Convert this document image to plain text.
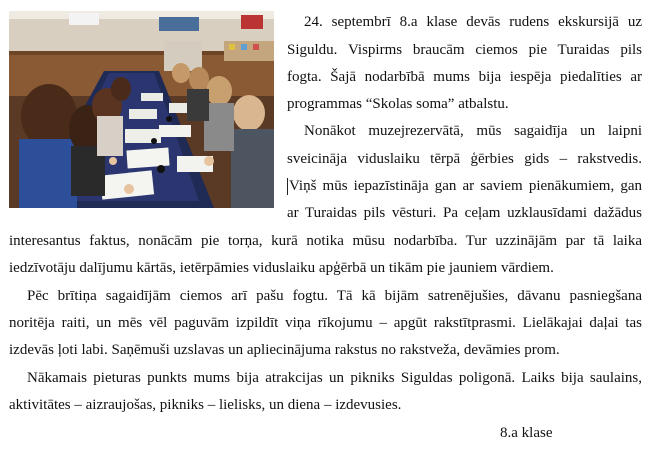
24. septembrī 8.a klase devās rudens ekskursijā uz
Siguldu. Vispirms braucām ciemos pie Turaidas pils
fogta. Šajā nodarbībā mums bija iespēja piedalīties ar
programmas “Skolas soma” atbalstu.
Nonākot muzejrezervātā, mūs sagaidīja un laipni
sveicināja viduslaiku tērpā ģērbies gids – rakstvedis.
Viņš mūs iepazīstināja gan ar saviem pienākumiem, gan
ar Turaidas pils vēsturi. Pa ceļam uzklausīdami dažādus
interesantus faktus, nonācām pie torņa, kurā notika mūsu nodarbība. Tur uzzinājām par tā laika
iedzīvotāju dalījumu kārtās, ietērpāmies viduslaiku apģērbā un tikām pie jauniem vārdiem.
Pēc brītiņa sagaidījām ciemos arī pašu fogtu. Tā kā bijām satrenējušies, dāvanu pasniegšana
noritēja raiti, un mēs vēl paguvām izpildīt viņa rīkojumu – apgūt rakstītprasmi. Lielākajai daļai tas
izdevās ļoti labi. Saņēmuši uzslavas un apliecinājuma rakstus no rakstveža, devāmies prom.
Nākamais pieturas punkts mums bija atrakcijas un pikniks Siguldas poligonā. Laiks bija saulains,
aktivitātes – aizraujošas, pikniks – lielisks, un diena – izdevusies.
8.a klase
